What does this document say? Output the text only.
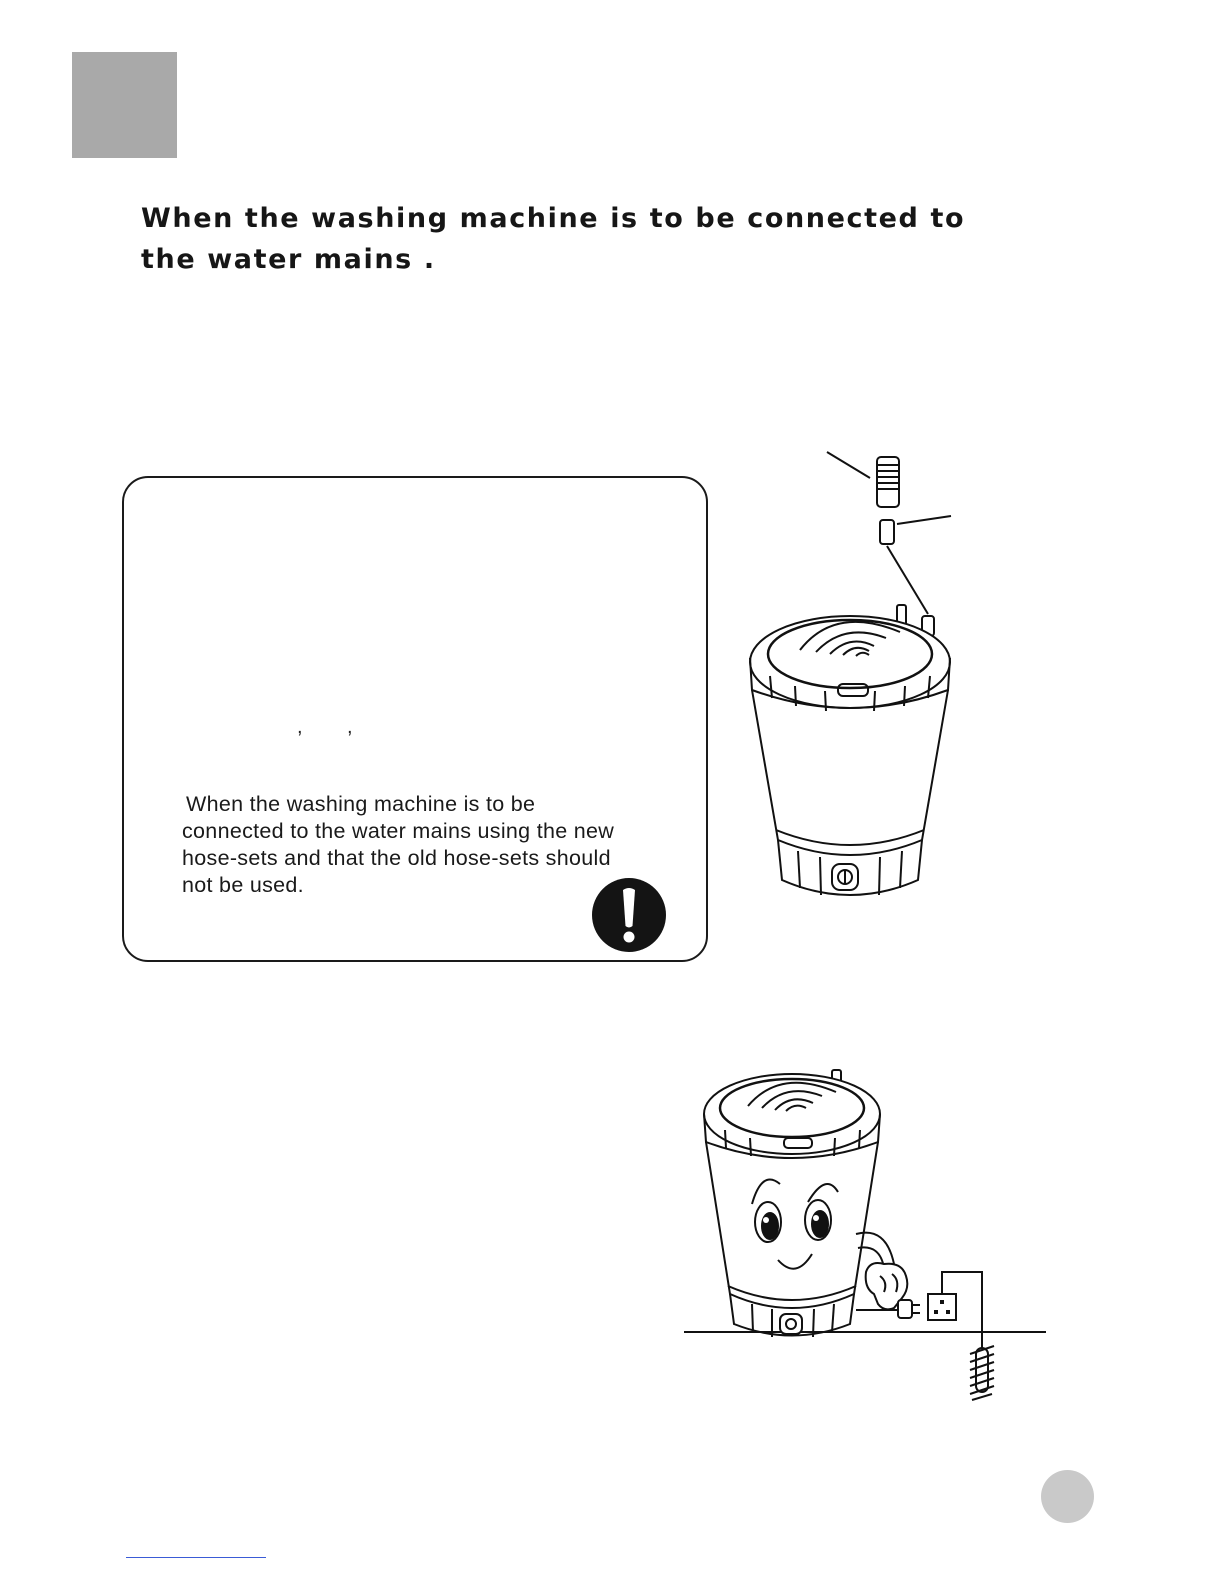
When the washing machine is to be connected to
the water mains .
,        ,

When the washing machine is to be
connected to the water mains using the new
hose-sets and that the old hose-sets should
not be used.
